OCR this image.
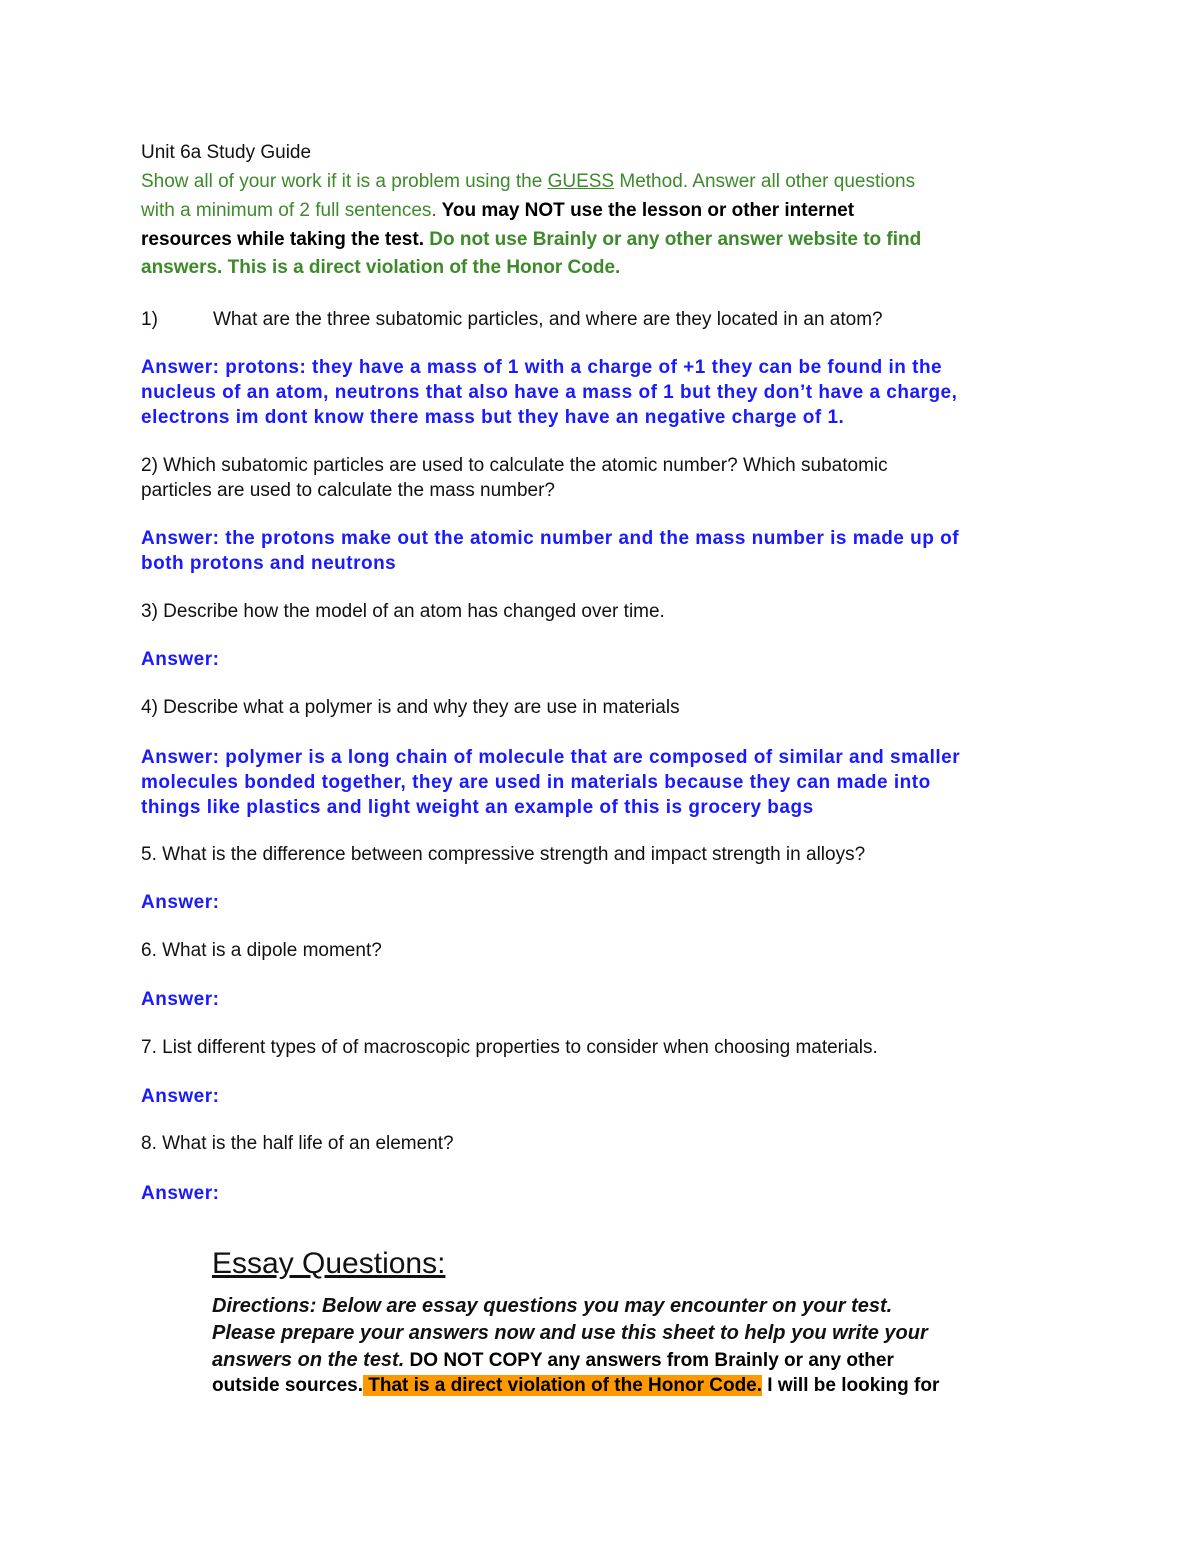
Unit 6a Study Guide
Show all of your work if it is a problem using the GUESS Method. Answer all other questions
with a minimum of 2 full sentences. You may NOT use the lesson or other internet
resources while taking the test. Do not use Brainly or any other answer website to find
answers. This is a direct violation of the Honor Code.
1)	What are the three subatomic particles, and where are they located in an atom?
Answer: protons: they have a mass of 1 with a charge of +1 they can be found in the
nucleus of an atom, neutrons that also have a mass of 1 but they don’t have a charge,
electrons im dont know there mass but they have an negative charge of 1.
2) Which subatomic particles are used to calculate the atomic number? Which subatomic
particles are used to calculate the mass number?
Answer: the protons make out the atomic number and the mass number is made up of
both protons and neutrons
3) Describe how the model of an atom has changed over time.
Answer:
4) Describe what a polymer is and why they are use in materials
Answer: polymer is a long chain of molecule that are composed of similar and smaller
molecules bonded together, they are used in materials because they can made into
things like plastics and light weight an example of this is grocery bags
5. What is the difference between compressive strength and impact strength in alloys?
Answer:
6. What is a dipole moment?
Answer:
7. List different types of of macroscopic properties to consider when choosing materials.
Answer:
8. What is the half life of an element?
Answer:
Essay Questions:
Directions: Below are essay questions you may encounter on your test.
Please prepare your answers now and use this sheet to help you write your
answers on the test. DO NOT COPY any answers from Brainly or any other
outside sources. That is a direct violation of the Honor Code. I will be looking for
